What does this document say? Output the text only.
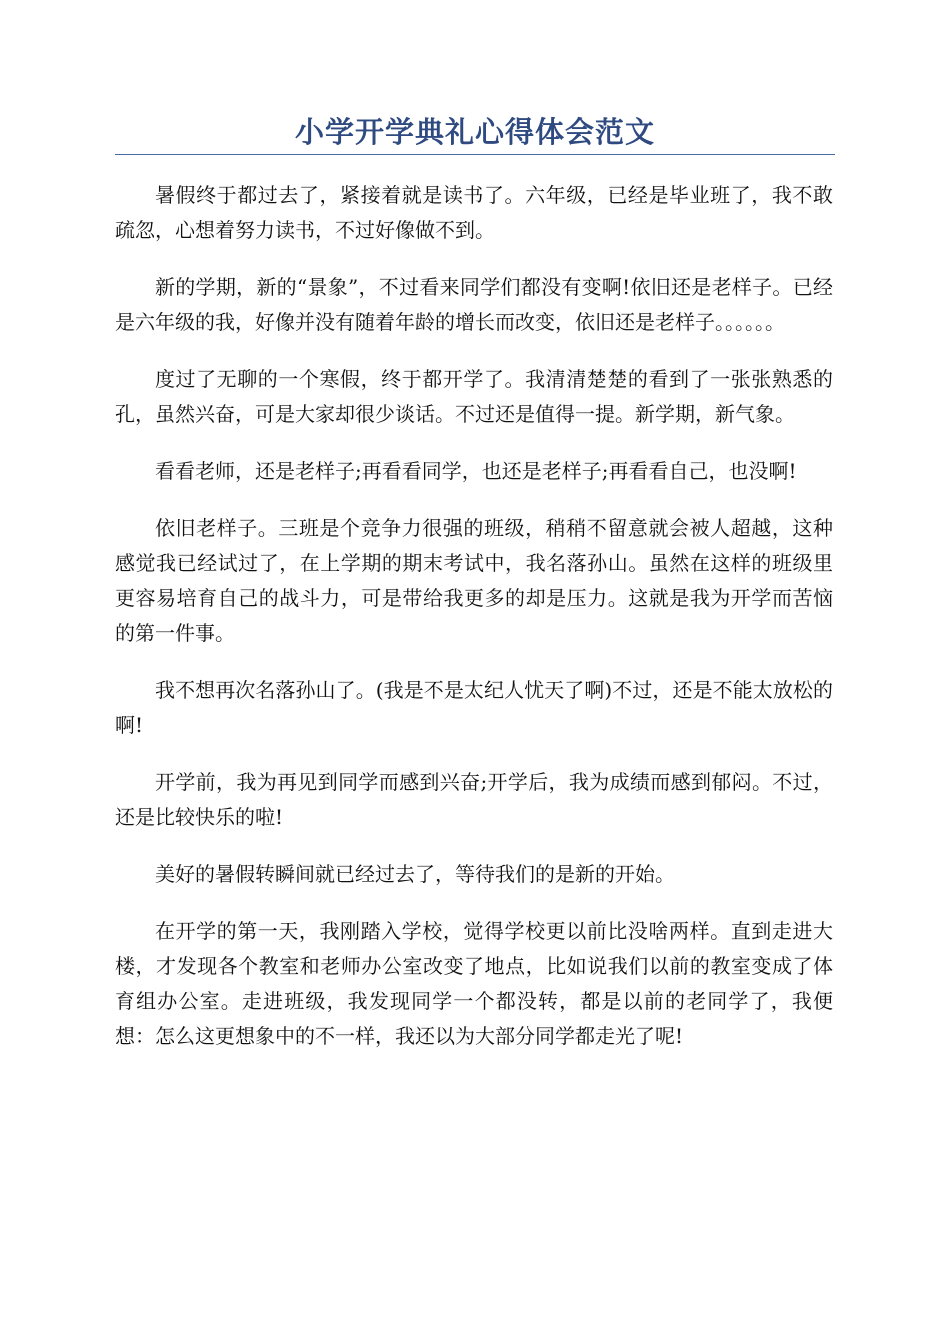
小学开学典礼心得体会范文

暑假终于都过去了，紧接着就是读书了。六年级，已经是毕业班了，我不敢疏忽，心想着努力读书，不过好像做不到。

新的学期，新的“景象”，不过看来同学们都没有变啊!依旧还是老样子。已经是六年级的我，好像并没有随着年龄的增长而改变，依旧还是老样子。。。。。。

度过了无聊的一个寒假，终于都开学了。我清清楚楚的看到了一张张熟悉的孔，虽然兴奋，可是大家却很少谈话。不过还是值得一提。新学期，新气象。

看看老师，还是老样子;再看看同学，也还是老样子;再看看自己，也没啊!

依旧老样子。三班是个竞争力很强的班级，稍稍不留意就会被人超越，这种感觉我已经试过了，在上学期的期末考试中，我名落孙山。虽然在这样的班级里更容易培育自己的战斗力，可是带给我更多的却是压力。这就是我为开学而苦恼的第一件事。

我不想再次名落孙山了。(我是不是太纪人忧天了啊)不过，还是不能太放松的啊!

开学前，我为再见到同学而感到兴奋;开学后，我为成绩而感到郁闷。不过，还是比较快乐的啦!

美好的暑假转瞬间就已经过去了，等待我们的是新的开始。

在开学的第一天，我刚踏入学校，觉得学校更以前比没啥两样。直到走进大楼，才发现各个教室和老师办公室改变了地点，比如说我们以前的教室变成了体育组办公室。走进班级，我发现同学一个都没转，都是以前的老同学了，我便想：怎么这更想象中的不一样，我还以为大部分同学都走光了呢!
